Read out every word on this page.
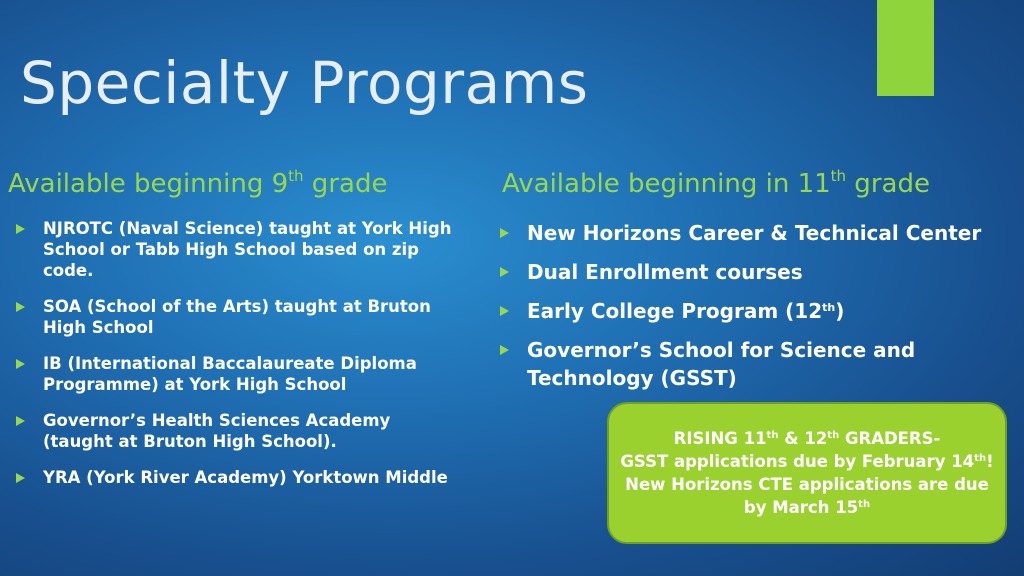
Specialty Programs
Available beginning 9th grade	Available beginning in 11th grade
NJROTC (Naval Science) taught at York High School or Tabb High School based on zip code.
SOA (School of the Arts) taught at Bruton High School
IB (International Baccalaureate Diploma Programme) at York High School
Governor’s Health Sciences Academy (taught at Bruton High School).
YRA (York River Academy) Yorktown Middle
New Horizons Career & Technical Center
Dual Enrollment courses
Early College Program (12th)
Governor’s School for Science and Technology (GSST)
RISING 11th & 12th GRADERS-
GSST applications due by February 14th!
New Horizons CTE applications are due
by March 15th
